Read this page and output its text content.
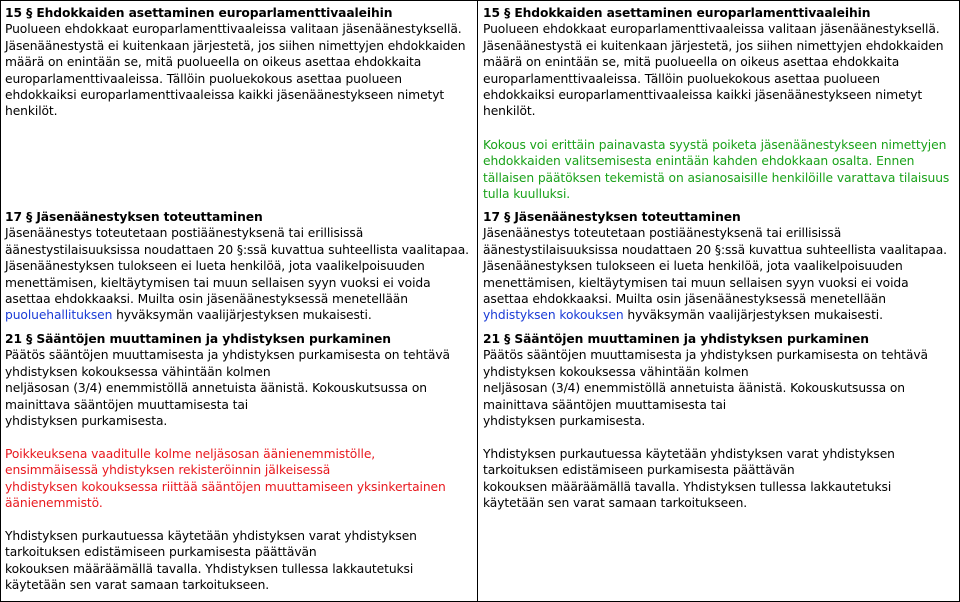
15 § Ehdokkaiden asettaminen europarlamenttivaaleihin

Puolueen ehdokkaat europarlamenttivaaleissa valitaan jäsenäänestyksellä.

Jäsenäänestystä ei kuitenkaan järjestetä, jos siihen nimettyjen ehdokkaiden

määrä on enintään se, mitä puolueella on oikeus asettaa ehdokkaita

europarlamenttivaaleissa. Tällöin puoluekokous asettaa puolueen

ehdokkaiksi europarlamenttivaaleissa kaikki jäsenäänestykseen nimetyt

henkilöt.

17 § Jäsenäänestyksen toteuttaminen

Jäsenäänestys toteutetaan postiäänestyksenä tai erillisissä

äänestystilaisuuksissa noudattaen 20 §:ssä kuvattua suhteellista vaalitapaa.

Jäsenäänestyksen tulokseen ei lueta henkilöä, jota vaalikelpoisuuden

menettämisen, kieltäytymisen tai muun sellaisen syyn vuoksi ei voida

asettaa ehdokkaaksi. Muilta osin jäsenäänestyksessä menetellään

puoluehallituksen hyväksymän vaalijärjestyksen mukaisesti.

21 § Sääntöjen muuttaminen ja yhdistyksen purkaminen

Päätös sääntöjen muuttamisesta ja yhdistyksen purkamisesta on tehtävä

yhdistyksen kokouksessa vähintään kolmen

neljäsosan (3/4) enemmistöllä annetuista äänistä. Kokouskutsussa on

mainittava sääntöjen muuttamisesta tai

yhdistyksen purkamisesta.

Poikkeuksena vaaditulle kolme neljäsosan äänienemmistölle,

ensimmäisessä yhdistyksen rekisteröinnin jälkeisessä

yhdistyksen kokouksessa riittää sääntöjen muuttamiseen yksinkertainen

äänienemmistö.

Yhdistyksen purkautuessa käytetään yhdistyksen varat yhdistyksen

tarkoituksen edistämiseen purkamisesta päättävän

kokouksen määräämällä tavalla. Yhdistyksen tullessa lakkautetuksi

käytetään sen varat samaan tarkoitukseen.

15 § Ehdokkaiden asettaminen europarlamenttivaaleihin

Puolueen ehdokkaat europarlamenttivaaleissa valitaan jäsenäänestyksellä.

Jäsenäänestystä ei kuitenkaan järjestetä, jos siihen nimettyjen ehdokkaiden

määrä on enintään se, mitä puolueella on oikeus asettaa ehdokkaita

europarlamenttivaaleissa. Tällöin puoluekokous asettaa puolueen

ehdokkaiksi europarlamenttivaaleissa kaikki jäsenäänestykseen nimetyt

henkilöt.

Kokous voi erittäin painavasta syystä poiketa jäsenäänestykseen nimettyjen

ehdokkaiden valitsemisesta enintään kahden ehdokkaan osalta. Ennen

tällaisen päätöksen tekemistä on asianosaisille henkilöille varattava tilaisuus

tulla kuulluksi.

17 § Jäsenäänestyksen toteuttaminen

Jäsenäänestys toteutetaan postiäänestyksenä tai erillisissä

äänestystilaisuuksissa noudattaen 20 §:ssä kuvattua suhteellista vaalitapaa.

Jäsenäänestyksen tulokseen ei lueta henkilöä, jota vaalikelpoisuuden

menettämisen, kieltäytymisen tai muun sellaisen syyn vuoksi ei voida

asettaa ehdokkaaksi. Muilta osin jäsenäänestyksessä menetellään

yhdistyksen kokouksen hyväksymän vaalijärjestyksen mukaisesti.

21 § Sääntöjen muuttaminen ja yhdistyksen purkaminen

Päätös sääntöjen muuttamisesta ja yhdistyksen purkamisesta on tehtävä

yhdistyksen kokouksessa vähintään kolmen

neljäsosan (3/4) enemmistöllä annetuista äänistä. Kokouskutsussa on

mainittava sääntöjen muuttamisesta tai

yhdistyksen purkamisesta.

Yhdistyksen purkautuessa käytetään yhdistyksen varat yhdistyksen

tarkoituksen edistämiseen purkamisesta päättävän

kokouksen määräämällä tavalla. Yhdistyksen tullessa lakkautetuksi

käytetään sen varat samaan tarkoitukseen.
